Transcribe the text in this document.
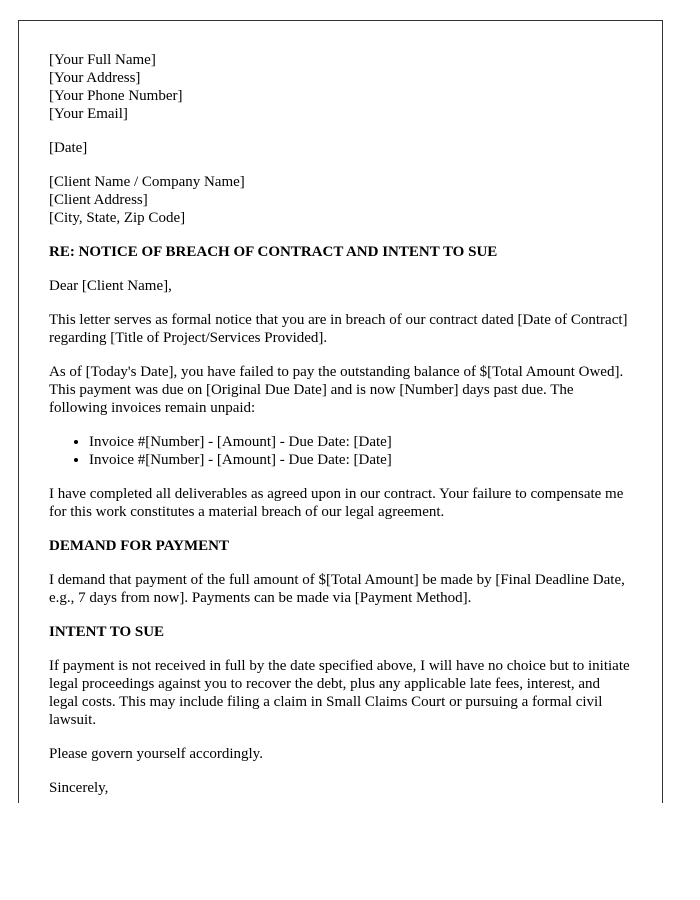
[Your Full Name]
[Your Address]
[Your Phone Number]
[Your Email]

[Date]

[Client Name / Company Name]
[Client Address]
[City, State, Zip Code]

RE: NOTICE OF BREACH OF CONTRACT AND INTENT TO SUE

Dear [Client Name],

This letter serves as formal notice that you are in breach of our contract dated [Date of Contract] regarding [Title of Project/Services Provided].

As of [Today's Date], you have failed to pay the outstanding balance of $[Total Amount Owed]. This payment was due on [Original Due Date] and is now [Number] days past due. The following invoices remain unpaid:

• Invoice #[Number] - [Amount] - Due Date: [Date]
• Invoice #[Number] - [Amount] - Due Date: [Date]

I have completed all deliverables as agreed upon in our contract. Your failure to compensate me for this work constitutes a material breach of our legal agreement.

DEMAND FOR PAYMENT

I demand that payment of the full amount of $[Total Amount] be made by [Final Deadline Date, e.g., 7 days from now]. Payments can be made via [Payment Method].

INTENT TO SUE

If payment is not received in full by the date specified above, I will have no choice but to initiate legal proceedings against you to recover the debt, plus any applicable late fees, interest, and legal costs. This may include filing a claim in Small Claims Court or pursuing a formal civil lawsuit.

Please govern yourself accordingly.

Sincerely,
